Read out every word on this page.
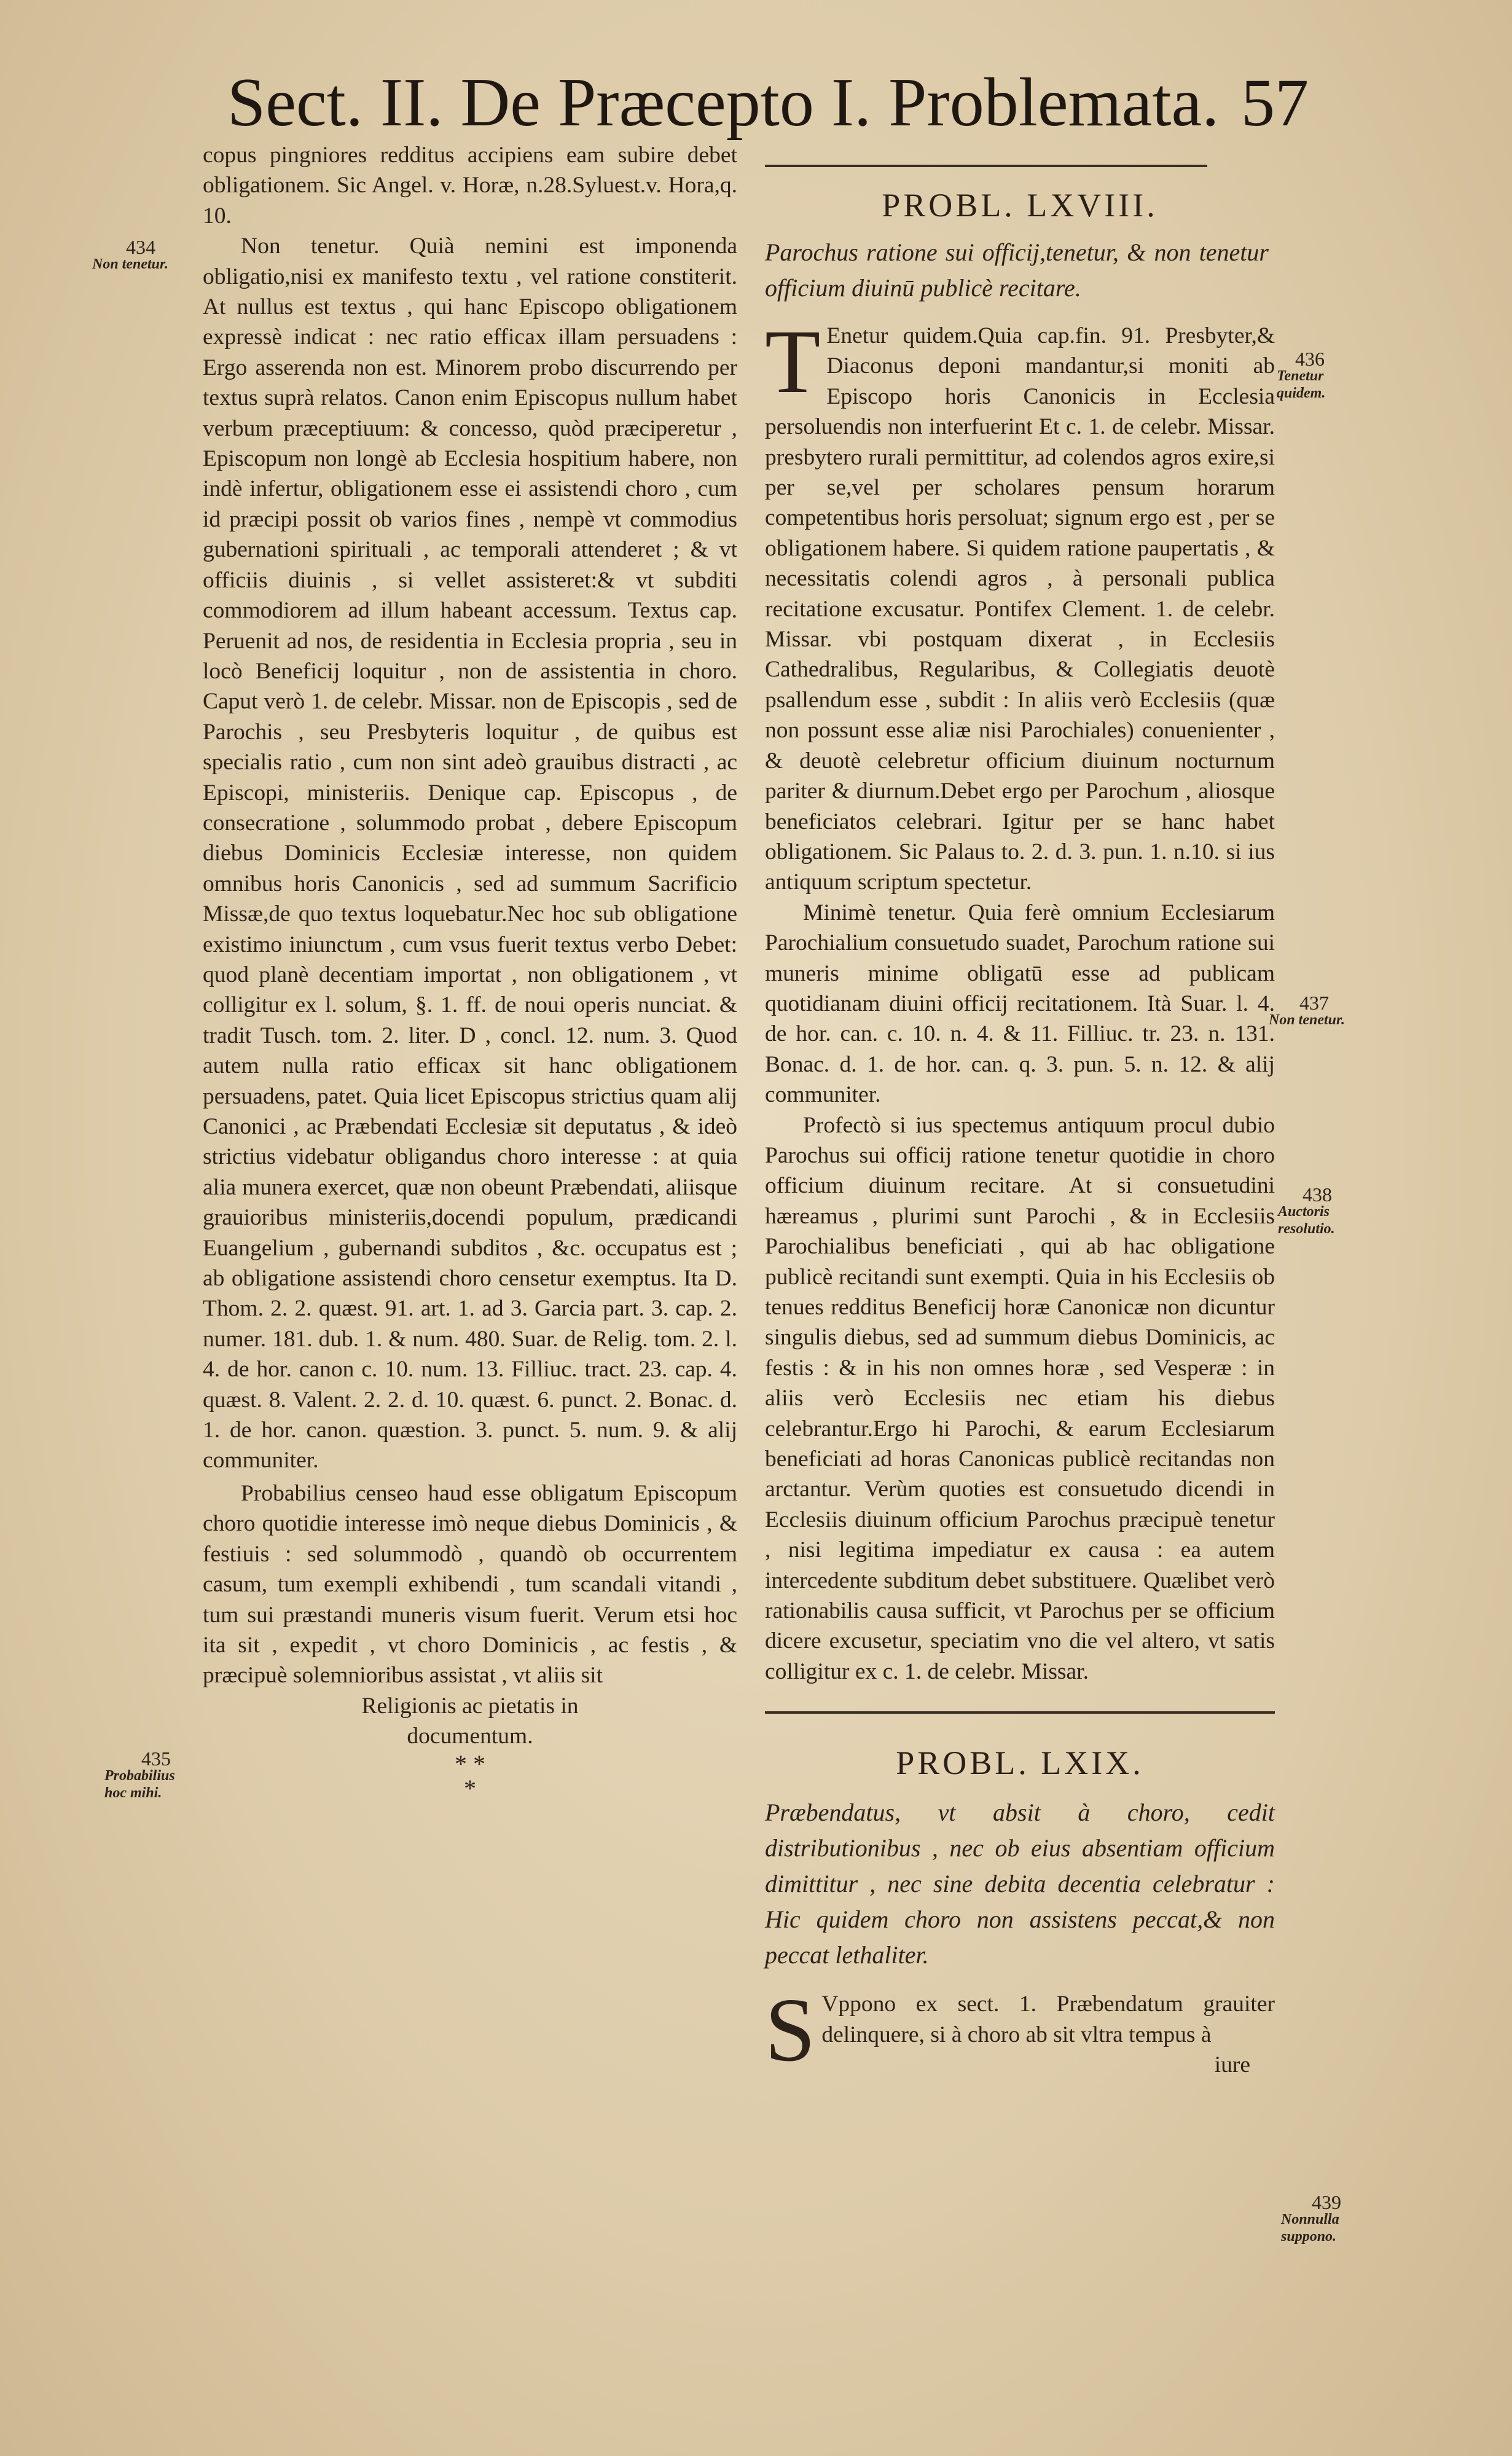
Sect. II. De Præcepto I. Problemata. 57

copus pingniores redditus accipiens eam subire debet obligationem. Sic Angel. v. Horæ, n.28.Syluest.v. Hora,q. 10.

Non tenetur. Quià nemini est imponenda obligatio,nisi ex manifesto textu , vel ratione constiterit. At nullus est textus , qui hanc Episcopo obligationem expressè indicat : nec ratio efficax illam persuadens : Ergo asserenda non est. Minorem probo discurrendo per textus suprà relatos. Canon enim Episcopus nullum habet verbum præceptiuum: & concesso, quòd præciperetur , Episcopum non longè ab Ecclesia hospitium habere, non indè infertur, obligationem esse ei assistendi choro , cum id præcipi possit ob varios fines , nempè vt commodius gubernationi spirituali , ac temporali attenderet ; & vt officiis diuinis , si vellet assisteret:& vt subditi commodiorem ad illum habeant accessum. Textus cap. Peruenit ad nos, de residentia in Ecclesia propria , seu in locò Beneficij loquitur , non de assistentia in choro. Caput verò 1. de celebr. Missar. non de Episcopis , sed de Parochis , seu Presbyteris loquitur , de quibus est specialis ratio , cum non sint adeò grauibus distracti , ac Episcopi, ministeriis. Denique cap. Episcopus , de consecratione , solummodo probat , debere Episcopum diebus Dominicis Ecclesiæ interesse, non quidem omnibus horis Canonicis , sed ad summum Sacrificio Missæ,de quo textus loquebatur.Nec hoc sub obligatione existimo iniunctum , cum vsus fuerit textus verbo Debet: quod planè decentiam importat , non obligationem , vt colligitur ex l. solum, §. 1. ff. de noui operis nunciat. & tradit Tusch. tom. 2. liter. D , concl. 12. num. 3. Quod autem nulla ratio efficax sit hanc obligationem persuadens, patet. Quia licet Episcopus strictius quam alij Canonici , ac Præbendati Ecclesiæ sit deputatus , & ideò strictius videbatur obligandus choro interesse : at quia alia munera exercet, quæ non obeunt Præbendati, aliisque grauioribus ministeriis,docendi populum, prædicandi Euangelium , gubernandi subditos , &c. occupatus est ; ab obligatione assistendi choro censetur exemptus. Ita D. Thom. 2. 2. quæst. 91. art. 1. ad 3. Garcia part. 3. cap. 2. numer. 181. dub. 1. & num. 480. Suar. de Relig. tom. 2. l. 4. de hor. canon c. 10. num. 13. Filliuc. tract. 23. cap. 4. quæst. 8. Valent. 2. 2. d. 10. quæst. 6. punct. 2. Bonac. d. 1. de hor. canon. quæstion. 3. punct. 5. num. 9. & alij communiter.

Probabilius censeo haud esse obligatum Episcopum choro quotidie interesse imò neque diebus Dominicis , & festiuis : sed solummodò , quandò ob occurrentem casum, tum exempli exhibendi , tum scandali vitandi , tum sui præstandi muneris visum fuerit. Verum etsi hoc ita sit , expedit , vt choro Dominicis , ac festis , & præcipuè solemnioribus assistat , vt aliis sit

Religionis ac pietatis in documentum.

* *
*
PROBL. LXVIII.

Parochus ratione sui officij,tenetur, & non tenetur officium diuinū publicè recitare.

T Enetur quidem.Quia cap.fin. 91. Presbyter,& Diaconus deponi mandantur,si moniti ab Episcopo horis Canonicis in Ecclesia persoluendis non interfuerint Et c. 1. de celebr. Missar. presbytero rurali permittitur, ad colendos agros exire,si per se,vel per scholares pensum horarum competentibus horis persoluat; signum ergo est , per se obligationem habere. Si quidem ratione paupertatis , & necessitatis colendi agros , à personali publica recitatione excusatur. Pontifex Clement. 1. de celebr. Missar. vbi postquam dixerat , in Ecclesiis Cathedralibus, Regularibus, & Collegiatis deuotè psallendum esse , subdit : In aliis verò Ecclesiis (quæ non possunt esse aliæ nisi Parochiales) conuenienter , & deuotè celebretur officium diuinum nocturnum pariter & diurnum.Debet ergo per Parochum , aliosque beneficiatos celebrari. Igitur per se hanc habet obligationem. Sic Palaus to. 2. d. 3. pun. 1. n.10. si ius antiquum scriptum spectetur.

Minimè tenetur. Quia ferè omnium Ecclesiarum Parochialium consuetudo suadet, Parochum ratione sui muneris minime obligatū esse ad publicam quotidianam diuini officij recitationem. Ità Suar. l. 4. de hor. can. c. 10. n. 4. & 11. Filliuc. tr. 23. n. 131. Bonac. d. 1. de hor. can. q. 3. pun. 5. n. 12. & alij communiter.

Profectò si ius spectemus antiquum procul dubio Parochus sui officij ratione tenetur quotidie in choro officium diuinum recitare. At si consuetudini hæreamus , plurimi sunt Parochi , & in Ecclesiis Parochialibus beneficiati , qui ab hac obligatione publicè recitandi sunt exempti. Quia in his Ecclesiis ob tenues redditus Beneficij horæ Canonicæ non dicuntur singulis diebus, sed ad summum diebus Dominicis, ac festis : & in his non omnes horæ , sed Vesperæ : in aliis verò Ecclesiis nec etiam his diebus celebrantur.Ergo hi Parochi, & earum Ecclesiarum beneficiati ad horas Canonicas publicè recitandas non arctantur. Verùm quoties est consuetudo dicendi in Ecclesiis diuinum officium Parochus præcipuè tenetur , nisi legitima impediatur ex causa : ea autem intercedente subditum debet substituere. Quælibet verò rationabilis causa sufficit, vt Parochus per se officium dicere excusetur, speciatim vno die vel altero, vt satis colligitur ex c. 1. de celebr. Missar.

PROBL. LXIX.

Præbendatus, vt absit à choro, cedit distributionibus , nec ob eius absentiam officium dimittitur , nec sine debita decentia celebratur : Hic quidem choro non assistens peccat,& non peccat lethaliter.

S Vppono ex sect. 1. Præbendatum grauiter delinquere, si à choro ab sit vltra tempus à

iure
434
Non tenetur.
435
Probabilius hoc mihi.
436
Tenetur quidem.
437
Non tenetur.
438
Auctoris resolutio.
439
Nonnulla suppono.
